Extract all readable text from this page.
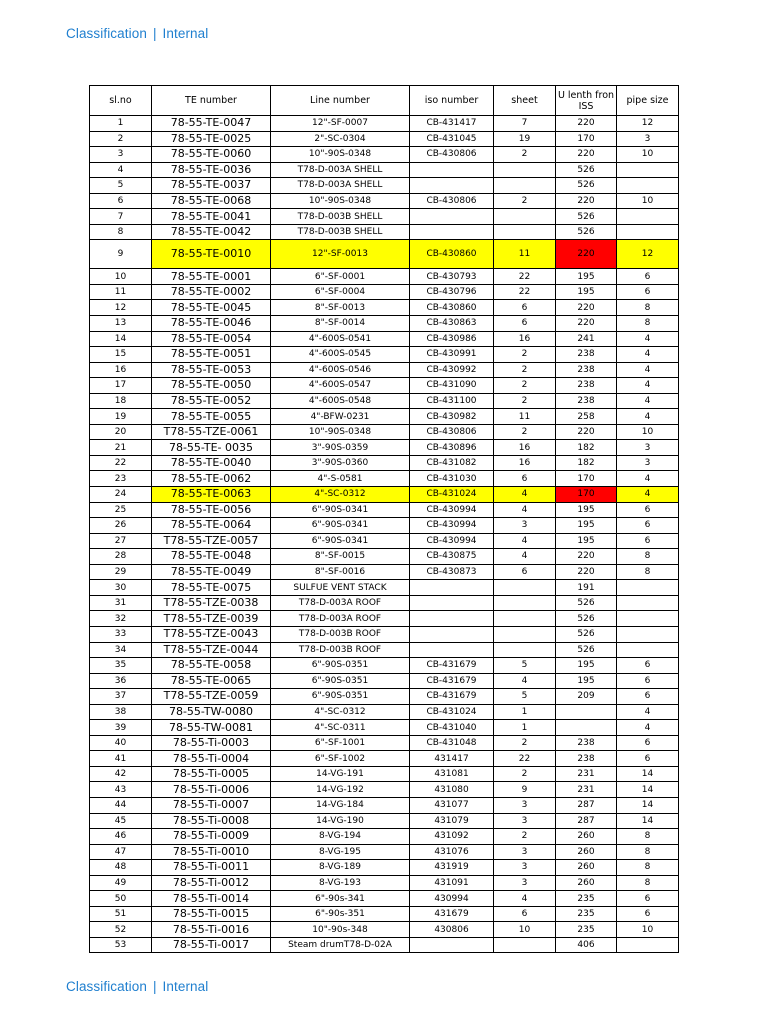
Classification | Internal
sl.no	TE number	Line number	iso number	sheet	U lenth fron ISS	pipe size
1	78-55-TE-0047	12"-SF-0007	CB-431417	7	220	12
2	78-55-TE-0025	2"-SC-0304	CB-431045	19	170	3
3	78-55-TE-0060	10"-90S-0348	CB-430806	2	220	10
4	78-55-TE-0036	T78-D-003A SHELL			526	
5	78-55-TE-0037	T78-D-003A SHELL			526	
6	78-55-TE-0068	10"-90S-0348	CB-430806	2	220	10
7	78-55-TE-0041	T78-D-003B SHELL			526	
8	78-55-TE-0042	T78-D-003B SHELL			526	
9	78-55-TE-0010	12"-SF-0013	CB-430860	11	220	12
10	78-55-TE-0001	6"-SF-0001	CB-430793	22	195	6
11	78-55-TE-0002	6"-SF-0004	CB-430796	22	195	6
12	78-55-TE-0045	8"-SF-0013	CB-430860	6	220	8
13	78-55-TE-0046	8"-SF-0014	CB-430863	6	220	8
14	78-55-TE-0054	4"-600S-0541	CB-430986	16	241	4
15	78-55-TE-0051	4"-600S-0545	CB-430991	2	238	4
16	78-55-TE-0053	4"-600S-0546	CB-430992	2	238	4
17	78-55-TE-0050	4"-600S-0547	CB-431090	2	238	4
18	78-55-TE-0052	4"-600S-0548	CB-431100	2	238	4
19	78-55-TE-0055	4"-BFW-0231	CB-430982	11	258	4
20	T78-55-TZE-0061	10"-90S-0348	CB-430806	2	220	10
21	78-55-TE- 0035	3"-90S-0359	CB-430896	16	182	3
22	78-55-TE-0040	3"-90S-0360	CB-431082	16	182	3
23	78-55-TE-0062	4"-S-0581	CB-431030	6	170	4
24	78-55-TE-0063	4"-SC-0312	CB-431024	4	170	4
25	78-55-TE-0056	6"-90S-0341	CB-430994	4	195	6
26	78-55-TE-0064	6"-90S-0341	CB-430994	3	195	6
27	T78-55-TZE-0057	6"-90S-0341	CB-430994	4	195	6
28	78-55-TE-0048	8"-SF-0015	CB-430875	4	220	8
29	78-55-TE-0049	8"-SF-0016	CB-430873	6	220	8
30	78-55-TE-0075	SULFUE VENT STACK			191	
31	T78-55-TZE-0038	T78-D-003A ROOF			526	
32	T78-55-TZE-0039	T78-D-003A ROOF			526	
33	T78-55-TZE-0043	T78-D-003B ROOF			526	
34	T78-55-TZE-0044	T78-D-003B ROOF			526	
35	78-55-TE-0058	6"-90S-0351	CB-431679	5	195	6
36	78-55-TE-0065	6"-90S-0351	CB-431679	4	195	6
37	T78-55-TZE-0059	6"-90S-0351	CB-431679	5	209	6
38	78-55-TW-0080	4"-SC-0312	CB-431024	1		4
39	78-55-TW-0081	4"-SC-0311	CB-431040	1		4
40	78-55-Ti-0003	6"-SF-1001	CB-431048	2	238	6
41	78-55-Ti-0004	6"-SF-1002	431417	22	238	6
42	78-55-Ti-0005	14-VG-191	431081	2	231	14
43	78-55-Ti-0006	14-VG-192	431080	9	231	14
44	78-55-Ti-0007	14-VG-184	431077	3	287	14
45	78-55-Ti-0008	14-VG-190	431079	3	287	14
46	78-55-Ti-0009	8-VG-194	431092	2	260	8
47	78-55-Ti-0010	8-VG-195	431076	3	260	8
48	78-55-Ti-0011	8-VG-189	431919	3	260	8
49	78-55-Ti-0012	8-VG-193	431091	3	260	8
50	78-55-Ti-0014	6"-90s-341	430994	4	235	6
51	78-55-Ti-0015	6"-90s-351	431679	6	235	6
52	78-55-Ti-0016	10"-90s-348	430806	10	235	10
53	78-55-Ti-0017	Steam drumT78-D-02A			406	
Classification | Internal
